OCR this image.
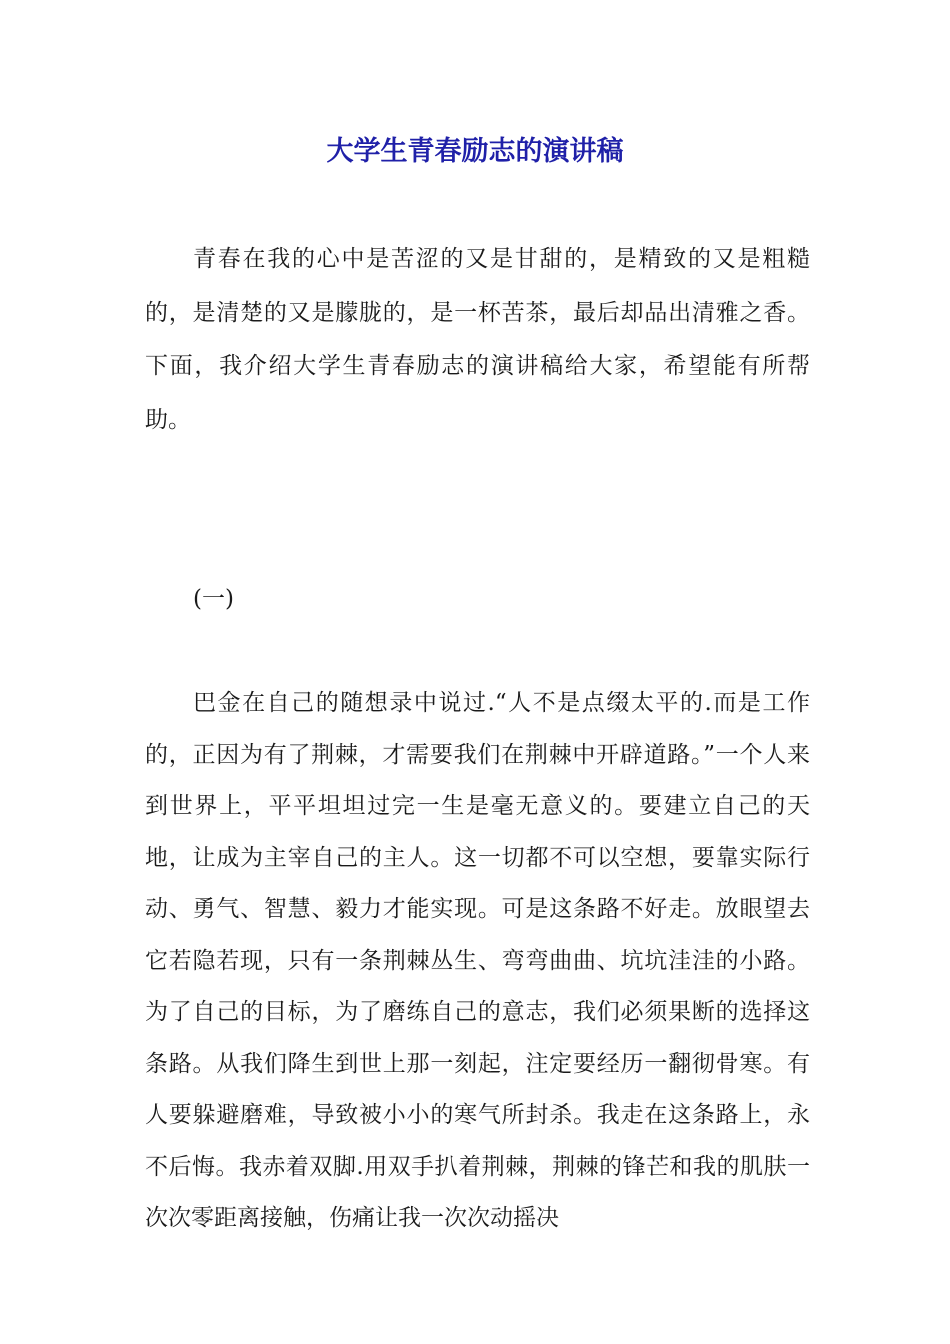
大学生青春励志的演讲稿

青春在我的心中是苦涩的又是甘甜的，是精致的又是粗糙的，是清楚的又是朦胧的，是一杯苦茶，最后却品出清雅之香。 下面，我介绍大学生青春励志的演讲稿给大家，希望能有所帮助。

(一)

巴金在自己的随想录中说过.“人不是点缀太平的.而是工作的，正因为有了荆棘，才需要我们在荆棘中开辟道路。”一个人来到世界上，平平坦坦过完一生是毫无意义的。要建立自己的天地，让成为主宰自己的主人。这一切都不可以空想，要靠实际行动、勇气、智慧、毅力才能实现。可是这条路不好走。放眼望去它若隐若现，只有一条荆棘丛生、弯弯曲曲、坑坑洼洼的小路。为了自己的目标，为了磨练自己的意志，我们必须果断的选择这条路。从我们降生到世上那一刻起，注定要经历一翻彻骨寒。有人要躲避磨难，导致被小小的寒气所封杀。我走在这条路上，永不后悔。我赤着双脚.用双手扒着荆棘，荆棘的锋芒和我的肌肤一次次零距离接触，伤痛让我一次次动摇决
